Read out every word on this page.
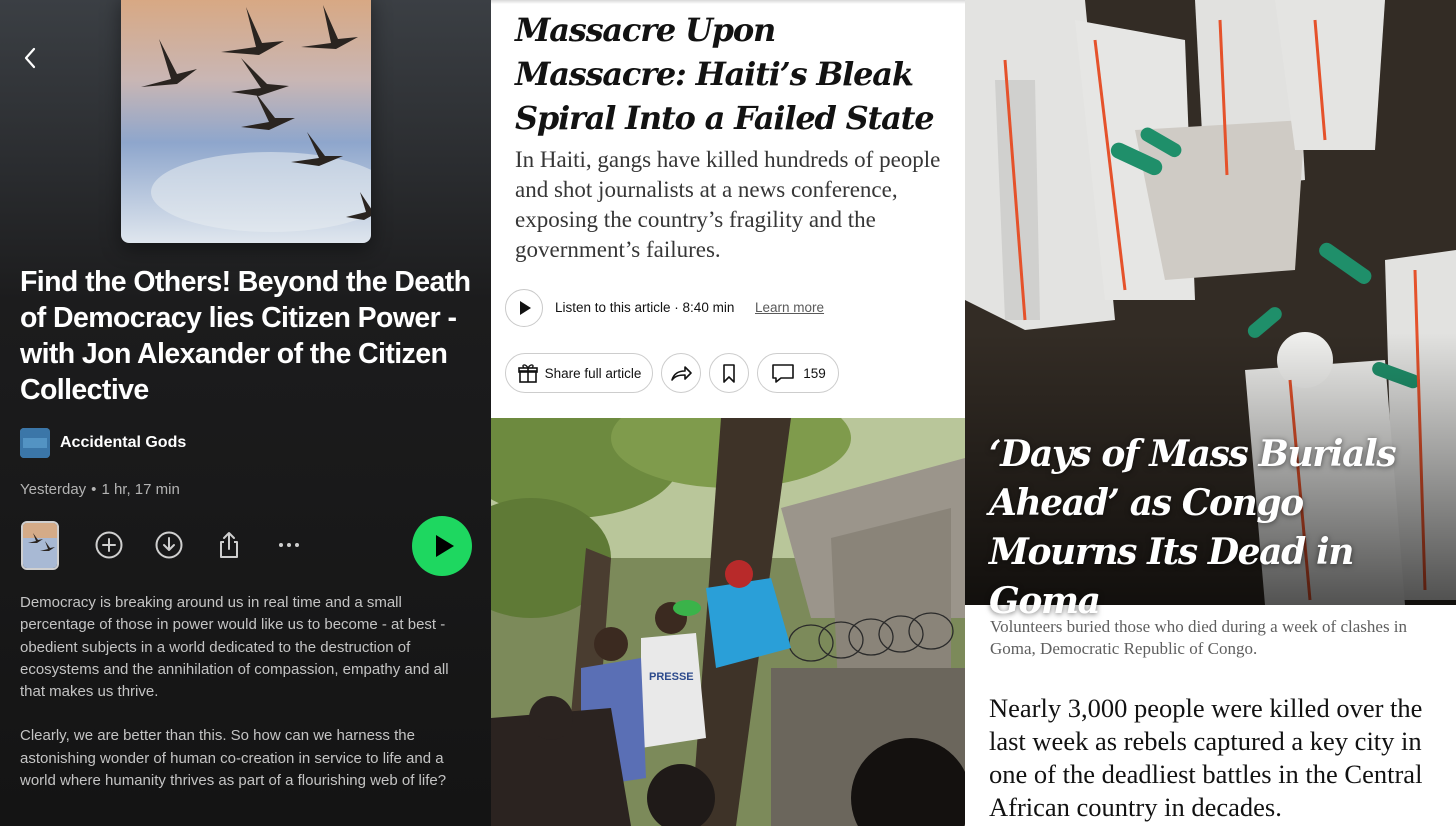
Find the Others! Beyond the Death of Democracy lies Citizen Power - with Jon Alexander of the Citizen Collective
Accidental Gods
Yesterday • 1 hr, 17 min

Democracy is breaking around us in real time and a small percentage of those in power would like us to become - at best - obedient subjects in a world dedicated to the destruction of ecosystems and the annihilation of compassion, empathy and all that makes us thrive.

Clearly, we are better than this. So how can we harness the astonishing wonder of human co-creation in service to life and a world where humanity thrives as part of a flourishing web of life?

Massacre Upon Massacre: Haiti’s Bleak Spiral Into a Failed State

In Haiti, gangs have killed hundreds of people and shot journalists at a news conference, exposing the country’s fragility and the government’s failures.

Listen to this article · 8:40 min Learn more
Share full article	159
PRESSE
‘Days of Mass Burials Ahead’ as Congo Mourns Its Dead in Goma

Volunteers buried those who died during a week of clashes in Goma, Democratic Republic of Congo.

Nearly 3,000 people were killed over the last week as rebels captured a key city in one of the deadliest battles in the Central African country in decades.
